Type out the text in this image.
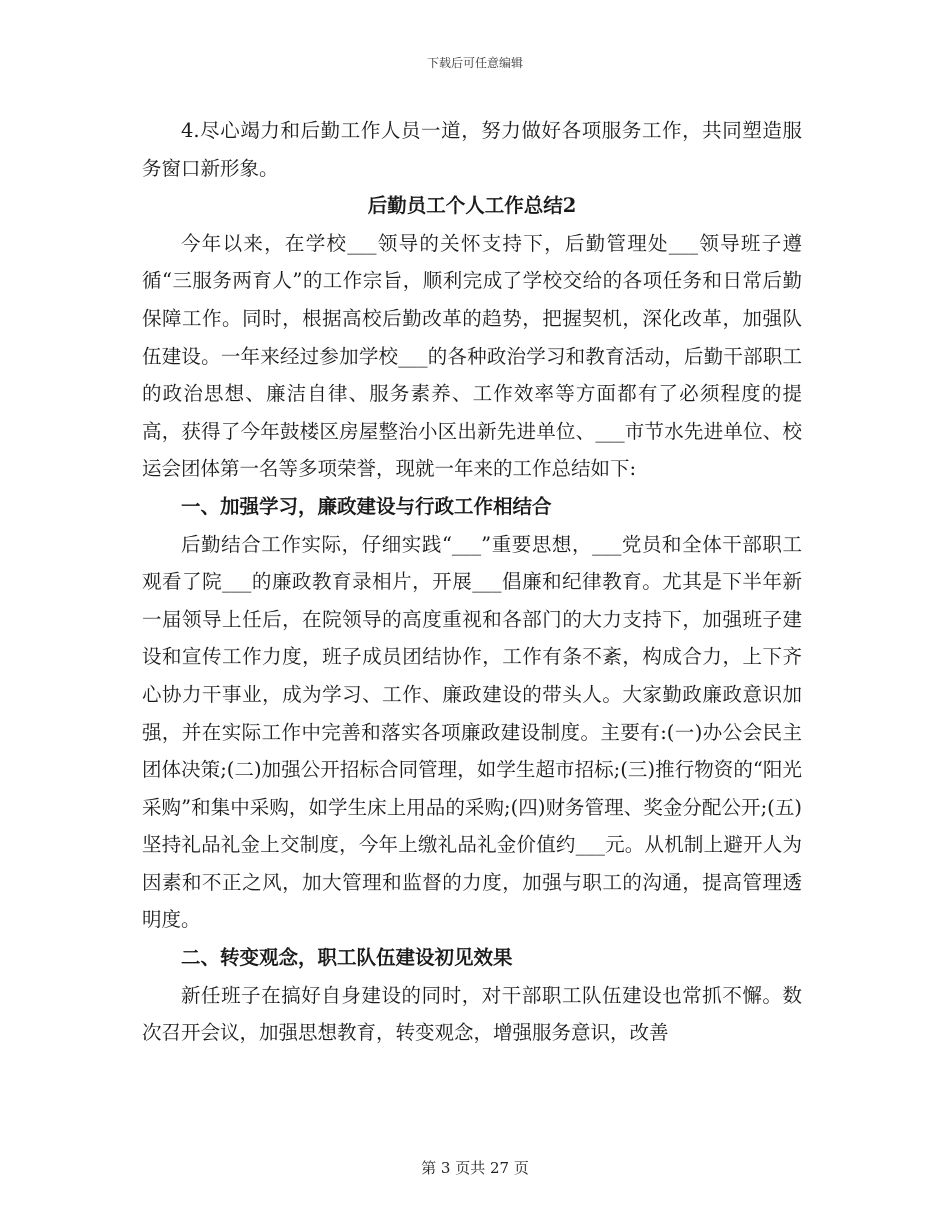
下载后可任意编辑

4.尽心竭力和后勤工作人员一道，努力做好各项服务工作，共同塑造服务窗口新形象。

后勤员工个人工作总结2

今年以来，在学校___领导的关怀支持下，后勤管理处___领导班子遵循“三服务两育人”的工作宗旨，顺利完成了学校交给的各项任务和日常后勤保障工作。同时，根据高校后勤改革的趋势，把握契机，深化改革，加强队伍建设。一年来经过参加学校___的各种政治学习和教育活动，后勤干部职工的政治思想、廉洁自律、服务素养、工作效率等方面都有了必须程度的提高，获得了今年鼓楼区房屋整治小区出新先进单位、___市节水先进单位、校运会团体第一名等多项荣誉，现就一年来的工作总结如下:

一、加强学习，廉政建设与行政工作相结合

后勤结合工作实际，仔细实践“___”重要思想，___党员和全体干部职工观看了院___的廉政教育录相片，开展___倡廉和纪律教育。尤其是下半年新一届领导上任后，在院领导的高度重视和各部门的大力支持下，加强班子建设和宣传工作力度，班子成员团结协作，工作有条不紊，构成合力，上下齐心协力干事业，成为学习、工作、廉政建设的带头人。大家勤政廉政意识加强，并在实际工作中完善和落实各项廉政建设制度。主要有:(一)办公会民主团体决策;(二)加强公开招标合同管理，如学生超市招标;(三)推行物资的“阳光采购”和集中采购，如学生床上用品的采购;(四)财务管理、奖金分配公开;(五)坚持礼品礼金上交制度，今年上缴礼品礼金价值约___元。从机制上避开人为因素和不正之风，加大管理和监督的力度，加强与职工的沟通，提高管理透明度。

二、转变观念，职工队伍建设初见效果

新任班子在搞好自身建设的同时，对干部职工队伍建设也常抓不懈。数次召开会议，加强思想教育，转变观念，增强服务意识，改善

第 3 页共 27 页
